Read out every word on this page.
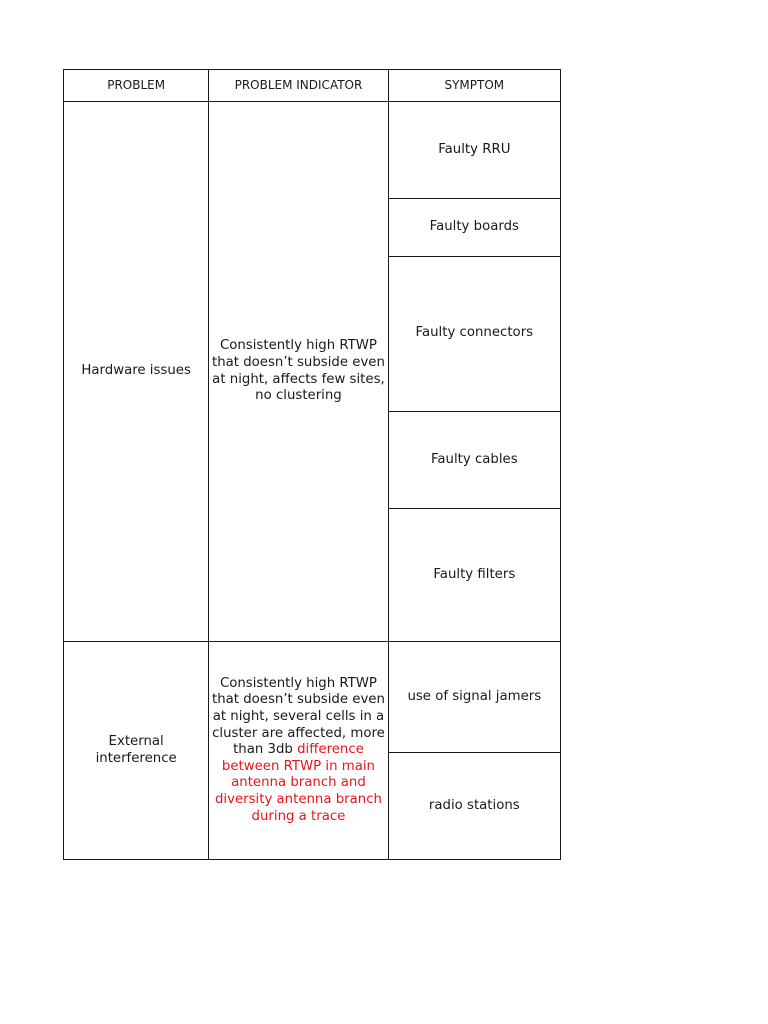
PROBLEM	PROBLEM INDICATOR	SYMPTOM
Hardware issues	Consistently high RTWP that doesn’t subside even at night, affects few sites, no clustering	Faulty RRU
		Faulty boards
		Faulty connectors
		Faulty cables
		Faulty filters
External interference	Consistently high RTWP that doesn’t subside even at night, several cells in a cluster are affected, more than 3db difference between RTWP in main antenna branch and diversity antenna branch during a trace	use of signal jamers
		radio stations
